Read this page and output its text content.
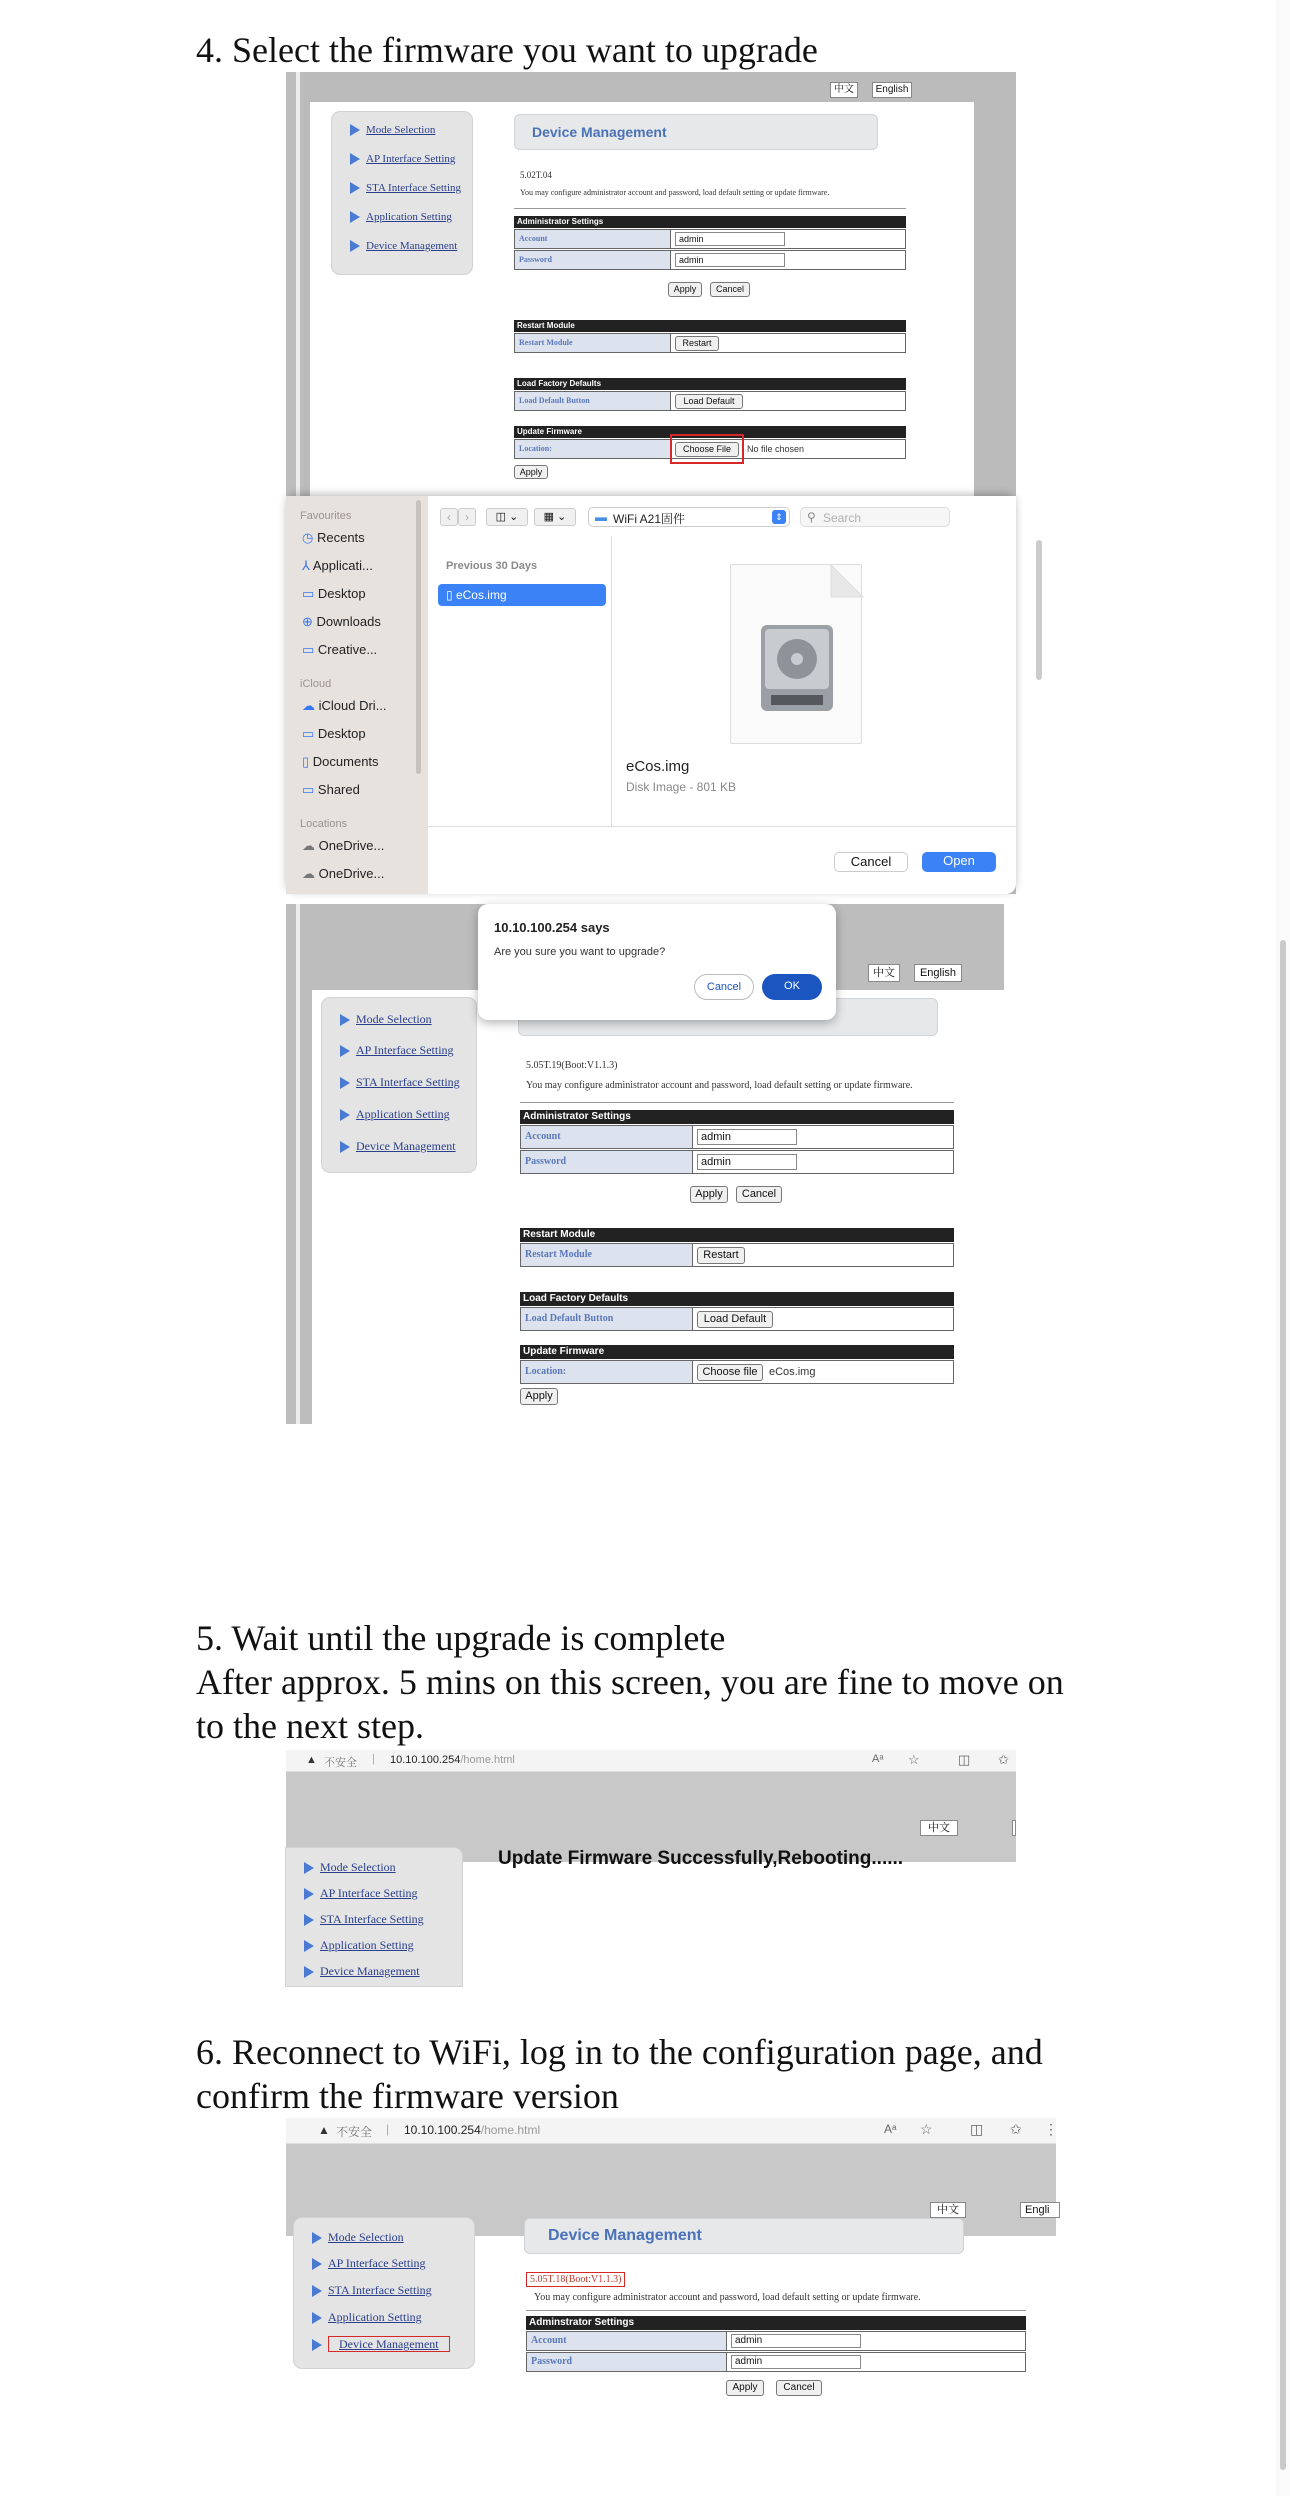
4. Select the firmware you want to upgrade
中文	English
Mode Selection
AP Interface Setting
STA Interface Setting
Application Setting
Device Management
Device Management
5.02T.04
You may configure administrator account and password, load default setting or update firmware.
Administrator Settings
Account	admin
Password	admin
Apply	Cancel
Restart Module
Restart Module	Restart
Load Factory Defaults
Load Default Button	Load Default
Update Firmware
Location:	Choose File	No file chosen
Apply
Favourites
◷ Recents
⅄ Applicati...
▭ Desktop
⊕ Downloads
▭ Creative...
iCloud
☁ iCloud Dri...
▭ Desktop
▯ Documents
▭ Shared
Locations
☁ OneDrive...
☁ OneDrive...
‹	›	◫ ⌄	▦ ⌄	▬ WiFi A21固件	⇕ ⚲ Search
Previous 30 Days
▯ eCos.img
eCos.img
Disk Image - 801 KB
Cancel	Open
中文	English
Mode Selection
AP Interface Setting
STA Interface Setting
Application Setting
Device Management
5.05T.19(Boot:V1.1.3)
You may configure administrator account and password, load default setting or update firmware.
Administrator Settings
Account	admin
Password	admin
Apply	Cancel
Restart Module
Restart Module	Restart
Load Factory Defaults
Load Default Button	Load Default
Update Firmware
Location:	Choose file	eCos.img
Apply
10.10.100.254 says
Are you sure you want to upgrade?
Cancel	OK
5. Wait until the upgrade is complete
After approx. 5 mins on this screen, you are fine to move on
to the next step.
▲ 不安全 | 10.10.100.254/home.html	Aᵃ ☆	◫ ✩
中文
Mode Selection
AP Interface Setting
STA Interface Setting
Application Setting
Device Management
Update Firmware Successfully,Rebooting......
6. Reconnect to WiFi, log in to the configuration page, and
confirm the firmware version
▲ 不安全 | 10.10.100.254/home.html	Aᵃ ☆	◫ ✩ ⋮
中文	Engli
Mode Selection
AP Interface Setting
STA Interface Setting
Application Setting
Device Management
Device Management
5.05T.18(Boot:V1.1.3)
You may configure administrator account and password, load default setting or update firmware.
Adminstrator Settings
Account	admin
Password	admin
Apply	Cancel
